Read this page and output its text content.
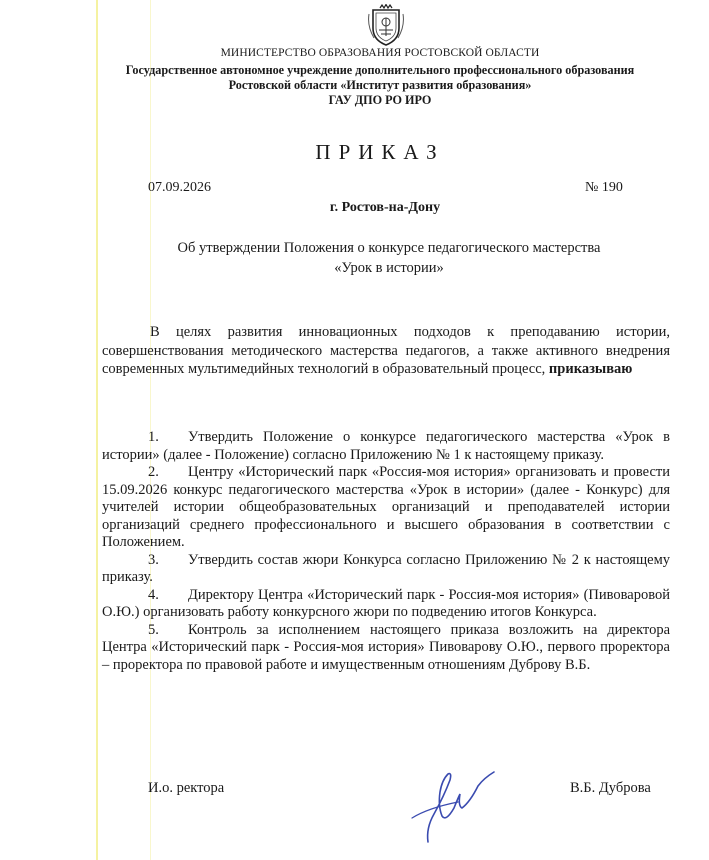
МИНИСТЕРСТВО ОБРАЗОВАНИЯ РОСТОВСКОЙ ОБЛАСТИ
Государственное автономное учреждение дополнительного профессионального образования
Ростовской области «Институт развития образования»
ГАУ ДПО РО ИРО
ПРИКАЗ
07.09.2026	№ 190
г. Ростов-на-Дону
Об утверждении Положения о конкурсе педагогического мастерства
«Урок в истории»
В целях развития инновационных подходов к преподаванию истории, совершенствования методического мастерства педагогов, а также активного внедрения современных мультимедийных технологий в образовательный процесс, приказываю
1. Утвердить Положение о конкурсе педагогического мастерства «Урок в истории» (далее - Положение) согласно Приложению № 1 к настоящему приказу.
2. Центру «Исторический парк «Россия-моя история» организовать и провести 15.09.2026 конкурс педагогического мастерства «Урок в истории» (далее - Конкурс) для учителей истории общеобразовательных организаций и преподавателей истории организаций среднего профессионального и высшего образования в соответствии с Положением.
3. Утвердить состав жюри Конкурса согласно Приложению № 2 к настоящему приказу.
4. Директору Центра «Исторический парк - Россия-моя история» (Пивоваровой О.Ю.) организовать работу конкурсного жюри по подведению итогов Конкурса.
5. Контроль за исполнением настоящего приказа возложить на директора Центра «Исторический парк - Россия-моя история» Пивоварову О.Ю., первого проректора – проректора по правовой работе и имущественным отношениям Дуброву В.Б.
И.о. ректора	В.Б. Дуброва
